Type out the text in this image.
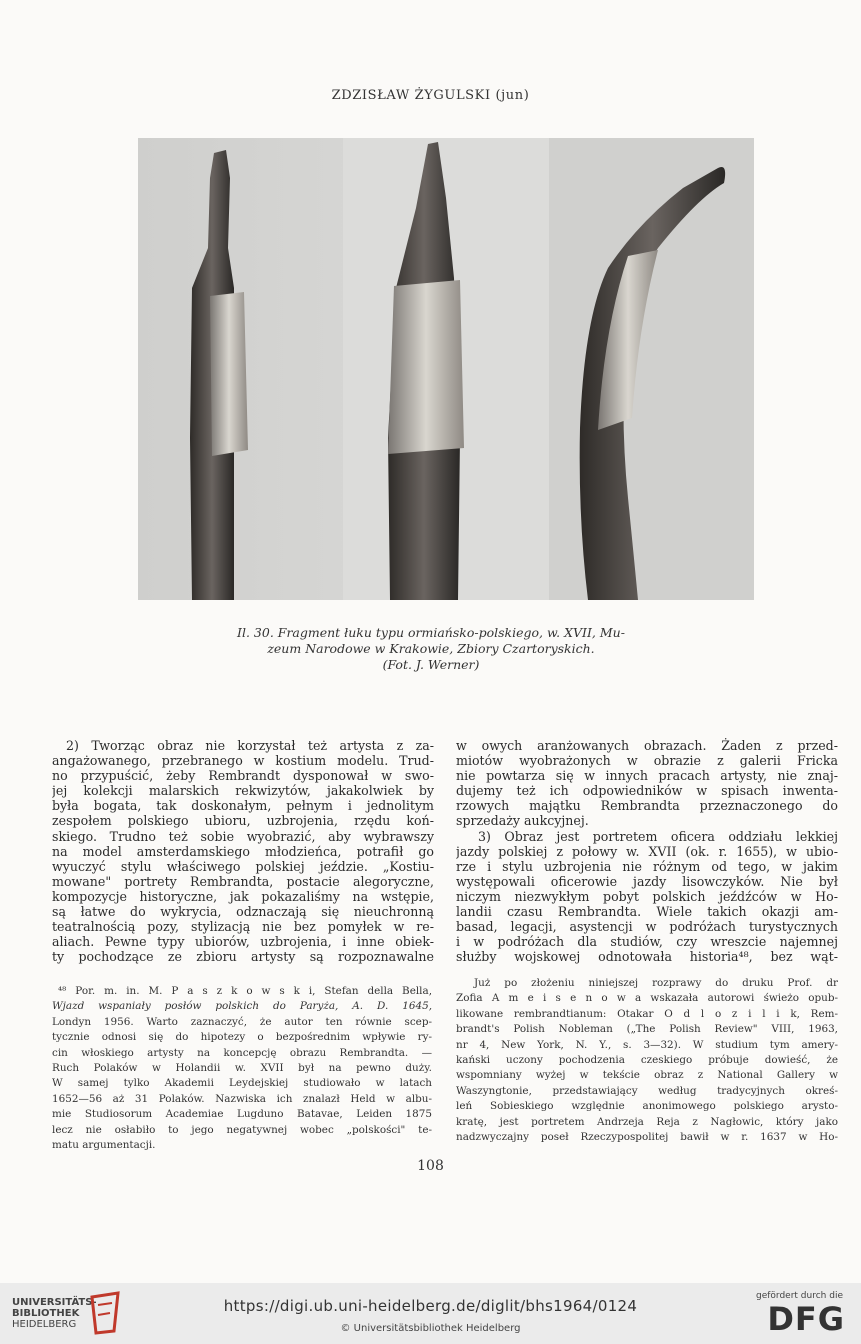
ZDZISŁAW ŻYGULSKI (jun)
Il. 30. Fragment łuku typu ormiańsko-polskiego, w. XVII, Mu-
zeum Narodowe w Krakowie, Zbiory Czartoryskich.
(Fot. J. Werner)
2) Tworząc obraz nie korzystał też artysta z za-
angażowanego, przebranego w kostium modelu. Trud-
no przypuścić, żeby Rembrandt dysponował w swo-
jej kolekcji malarskich rekwizytów, jakakolwiek by
była bogata, tak doskonałym, pełnym i jednolitym
zespołem polskiego ubioru, uzbrojenia, rzędu koń-
skiego. Trudno też sobie wyobrazić, aby wybrawszy
na model amsterdamskiego młodzieńca, potrafił go
wyuczyć stylu właściwego polskiej jeździe. „Kostiu-
mowane" portrety Rembrandta, postacie alegoryczne,
kompozycje historyczne, jak pokazaliśmy na wstępie,
są łatwe do wykrycia, odznaczają się nieuchronną
teatralnością pozy, stylizacją nie bez pomyłek w re-
aliach. Pewne typy ubiorów, uzbrojenia, i inne obiek-
ty pochodzące ze zbioru artysty są rozpoznawalne
w owych aranżowanych obrazach. Żaden z przed-
miotów wyobrażonych w obrazie z galerii Fricka
nie powtarza się w innych pracach artysty, nie znaj-
dujemy też ich odpowiedników w spisach inwenta-
rzowych majątku Rembrandta przeznaczonego do
sprzedaży aukcyjnej.
3) Obraz jest portretem oficera oddziału lekkiej
jazdy polskiej z połowy w. XVII (ok. r. 1655), w ubio-
rze i stylu uzbrojenia nie różnym od tego, w jakim
występowali oficerowie jazdy lisowczyków. Nie był
niczym niezwykłym pobyt polskich jeźdźców w Ho-
landii czasu Rembrandta. Wiele takich okazji am-
basad, legacji, asystencji w podróżach turystycznych
i w podróżach dla studiów, czy wreszcie najemnej
służby wojskowej odnotowała historia⁴⁸, bez wąt-
⁴⁸ Por. m. in. M. P a s z k o w s k i, Stefan della Bella,
Wjazd wspaniały posłów polskich do Paryża, A. D. 1645,
Londyn 1956. Warto zaznaczyć, że autor ten równie scep-
tycznie odnosi się do hipotezy o bezpośrednim wpływie ry-
cin włoskiego artysty na koncepcję obrazu Rembrandta. —
Ruch Polaków w Holandii w. XVII był na pewno duży.
W samej tylko Akademii Leydejskiej studiowało w latach
1652—56 aż 31 Polaków. Nazwiska ich znalazł Held w albu-
mie Studiosorum Academiae Lugduno Batavae, Leiden 1875
lecz nie osłabiło to jego negatywnej wobec „polskości" te-
matu argumentacji.
Już po złożeniu niniejszej rozprawy do druku Prof. dr
Zofia A m e i s e n o w a wskazała autorowi świeżo opub-
likowane rembrandtianum: Otakar O d l o z i l i k, Rem-
brandt's Polish Nobleman („The Polish Review" VIII, 1963,
nr 4, New York, N. Y., s. 3—32). W studium tym amery-
kański uczony pochodzenia czeskiego próbuje dowieść, że
wspomniany wyżej w tekście obraz z National Gallery w
Waszyngtonie, przedstawiający według tradycyjnych okreś-
leń Sobieskiego względnie anonimowego polskiego arysto-
kratę, jest portretem Andrzeja Reja z Nagłowic, który jako
nadzwyczajny poseł Rzeczypospolitej bawił w r. 1637 w Ho-
108
UNIVERSITÄTS-
BIBLIOTHEK
HEIDELBERG
https://digi.ub.uni-heidelberg.de/diglit/bhs1964/0124
© Universitätsbibliothek Heidelberg
gefördert durch die
DFG
